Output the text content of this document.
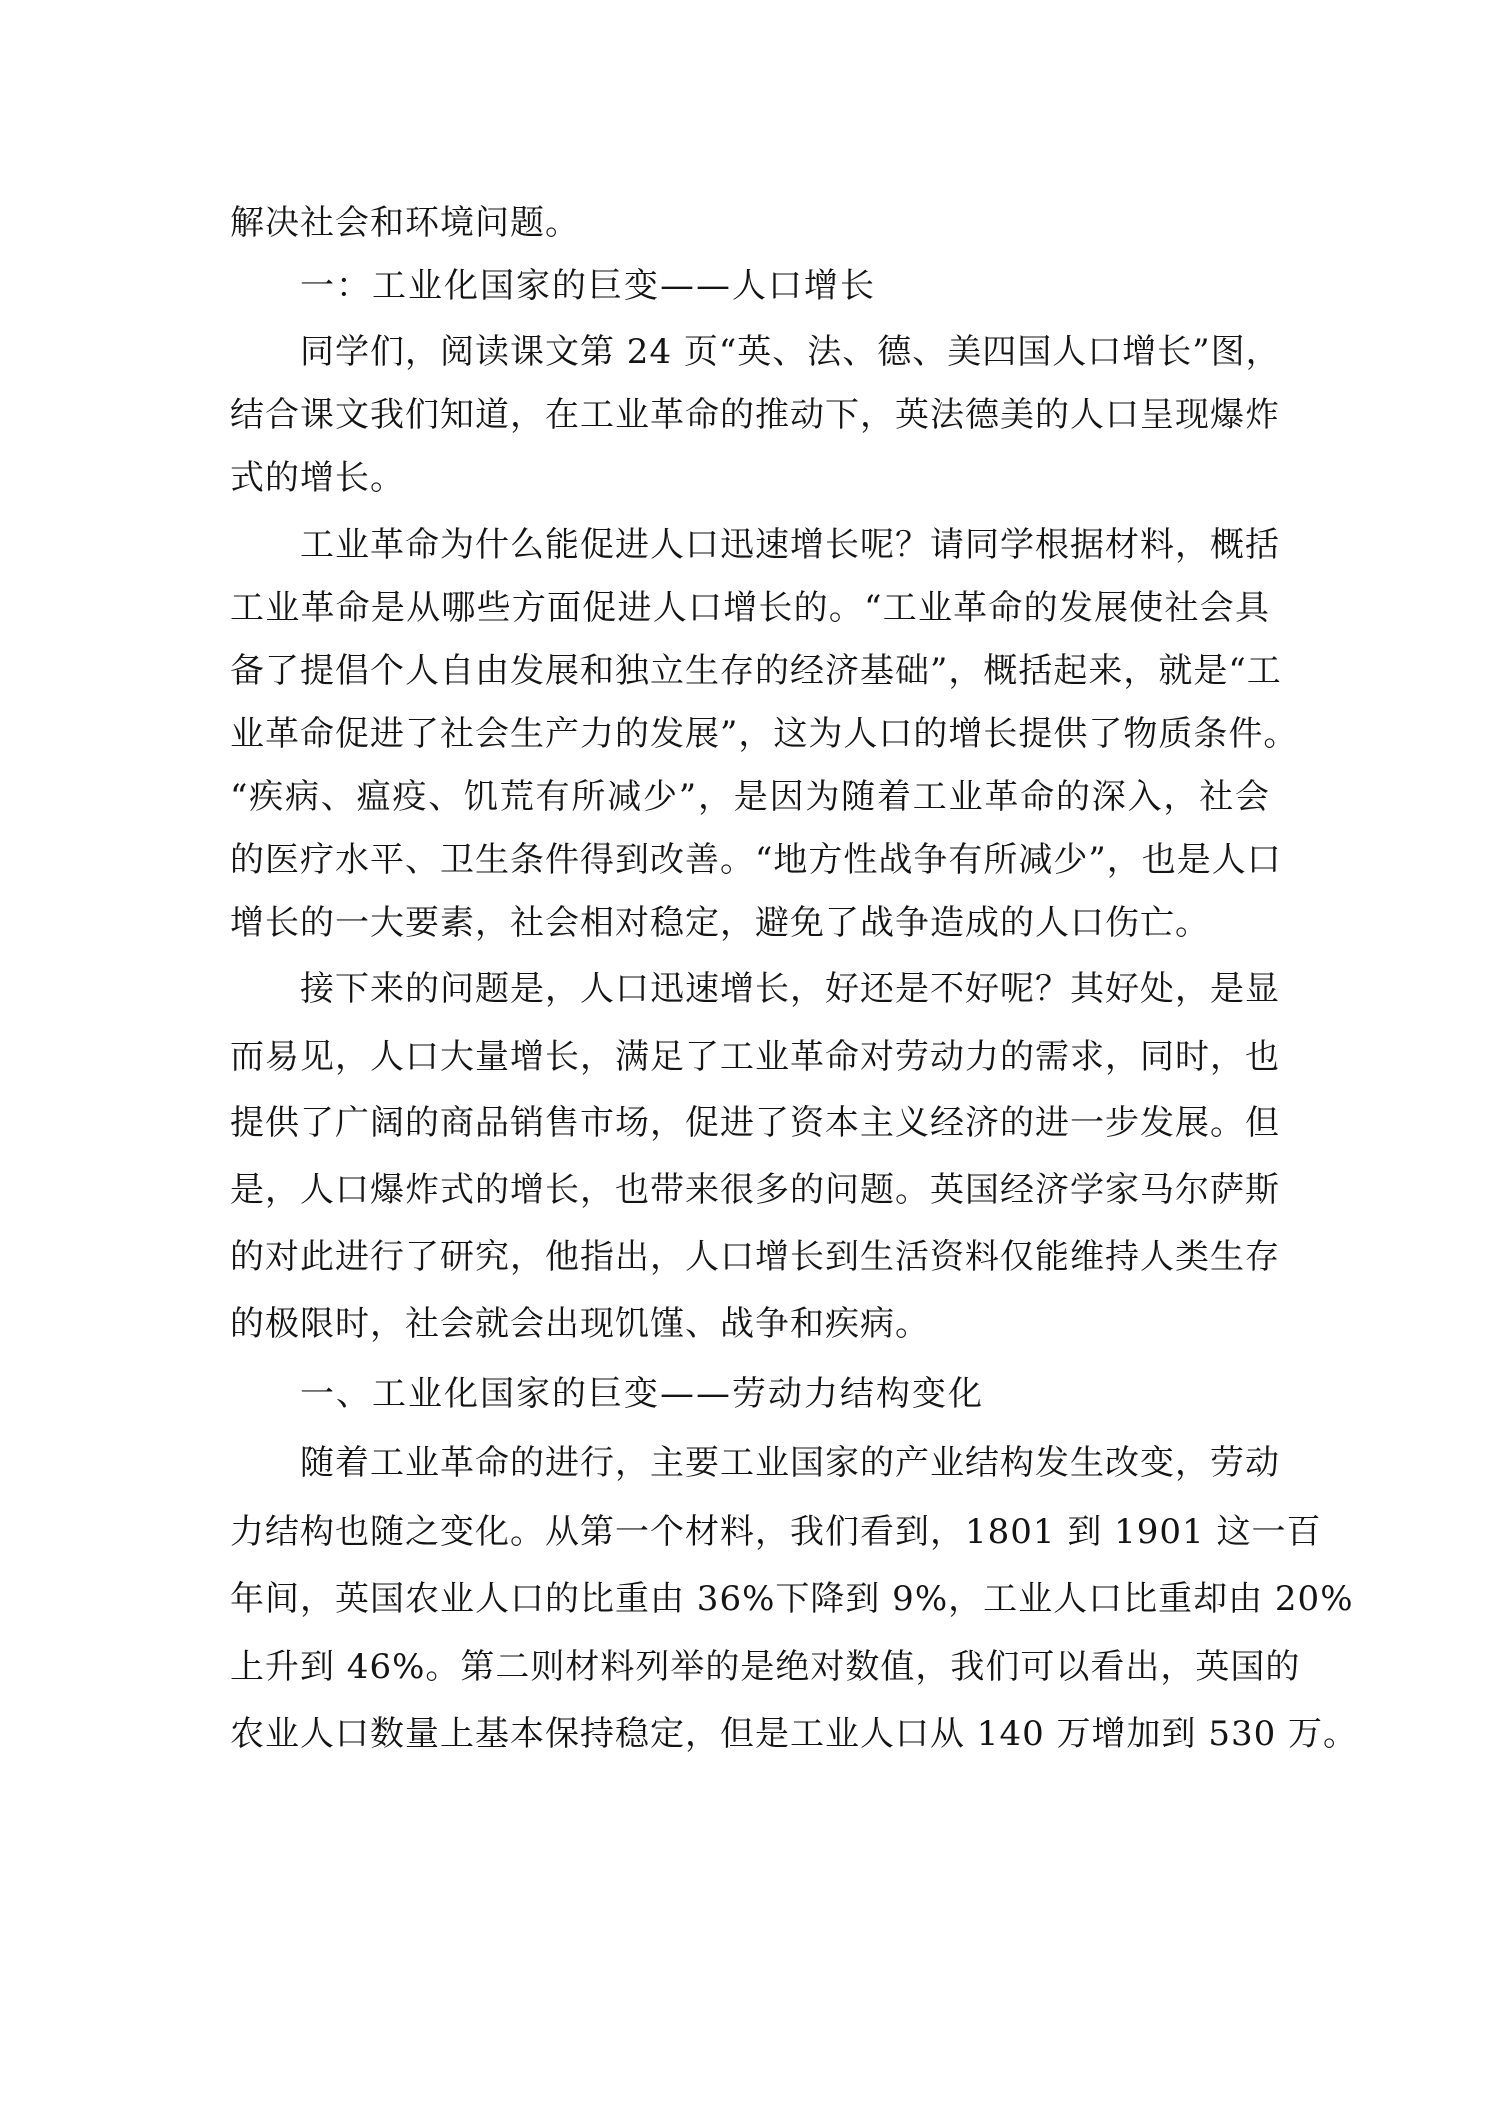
解决社会和环境问题。
一：工业化国家的巨变——人口增长
同学们，阅读课文第 24 页“英、法、德、美四国人口增长”图，
结合课文我们知道，在工业革命的推动下，英法德美的人口呈现爆炸
式的增长。
工业革命为什么能促进人口迅速增长呢？请同学根据材料，概括
工业革命是从哪些方面促进人口增长的。“工业革命的发展使社会具
备了提倡个人自由发展和独立生存的经济基础”，概括起来，就是“工
业革命促进了社会生产力的发展”，这为人口的增长提供了物质条件。
“疾病、瘟疫、饥荒有所减少”，是因为随着工业革命的深入，社会
的医疗水平、卫生条件得到改善。“地方性战争有所减少”，也是人口
增长的一大要素，社会相对稳定，避免了战争造成的人口伤亡。
接下来的问题是，人口迅速增长，好还是不好呢？其好处，是显
而易见，人口大量增长，满足了工业革命对劳动力的需求，同时，也
提供了广阔的商品销售市场，促进了资本主义经济的进一步发展。但
是，人口爆炸式的增长，也带来很多的问题。英国经济学家马尔萨斯
的对此进行了研究，他指出，人口增长到生活资料仅能维持人类生存
的极限时，社会就会出现饥馑、战争和疾病。
一、工业化国家的巨变——劳动力结构变化
随着工业革命的进行，主要工业国家的产业结构发生改变，劳动
力结构也随之变化。从第一个材料，我们看到，1801 到 1901 这一百
年间，英国农业人口的比重由 36%下降到 9%，工业人口比重却由 20%
上升到 46%。第二则材料列举的是绝对数值，我们可以看出，英国的
农业人口数量上基本保持稳定，但是工业人口从 140 万增加到 530 万。
